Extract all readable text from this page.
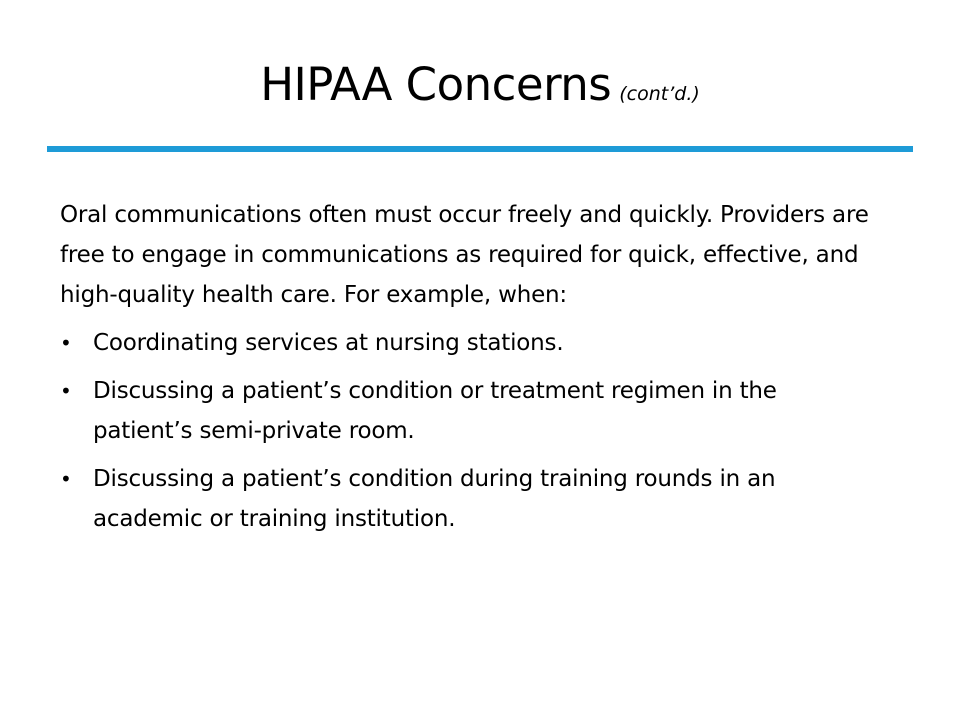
HIPAA Concerns (cont’d.)

Oral communications often must occur freely and quickly. Providers are free to engage in communications as required for quick, effective, and high-quality health care. For example, when:

• Coordinating services at nursing stations.
• Discussing a patient’s condition or treatment regimen in the patient’s semi-private room.
• Discussing a patient’s condition during training rounds in an academic or training institution.
